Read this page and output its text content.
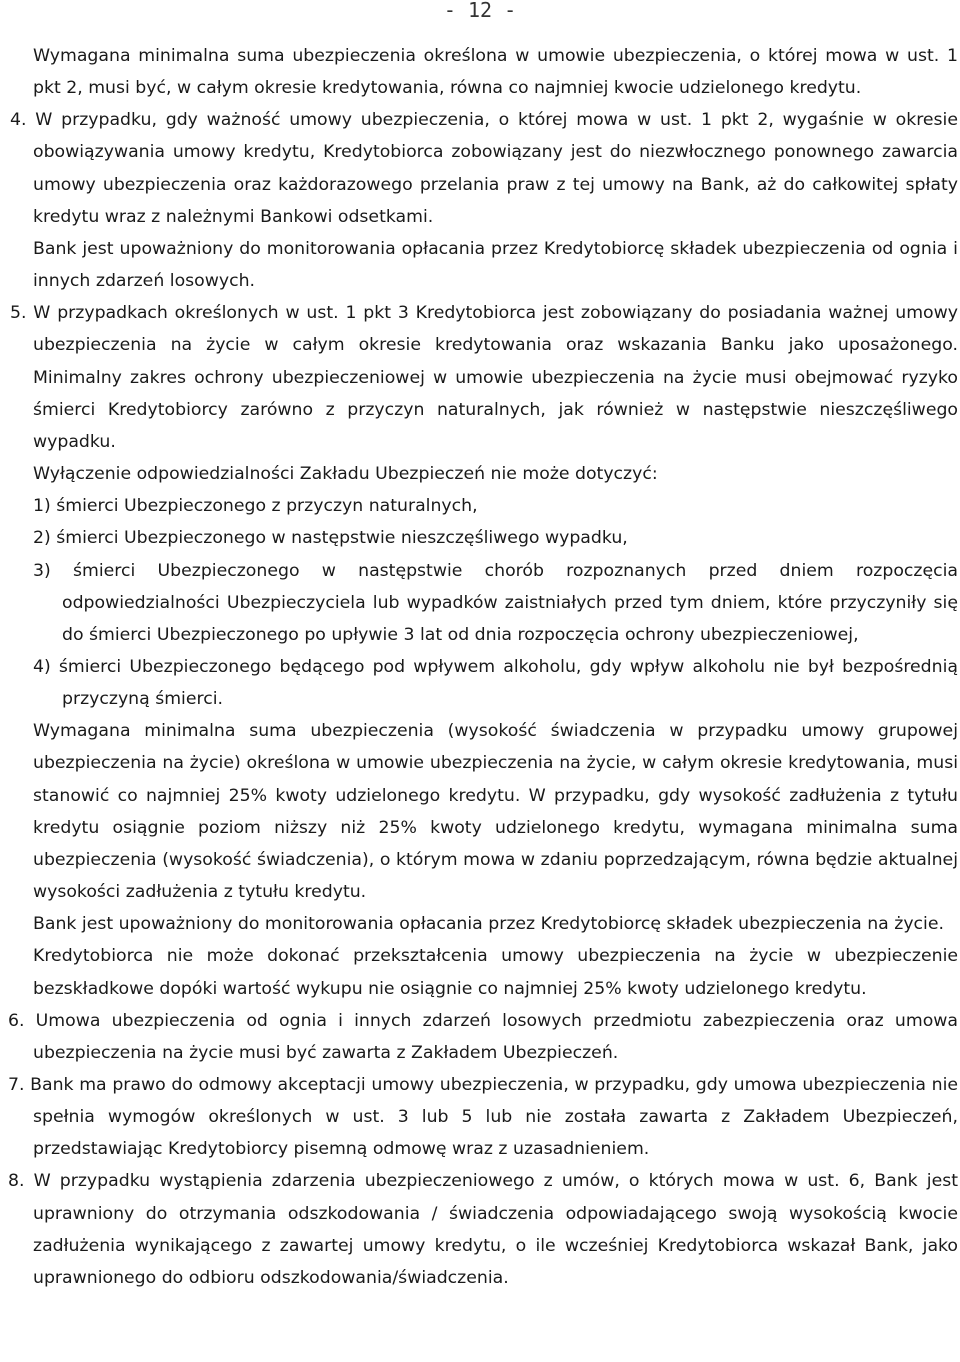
- 12 -

Wymagana minimalna suma ubezpieczenia określona w umowie ubezpieczenia, o której mowa w ust. 1 pkt 2, musi być, w całym okresie kredytowania, równa co najmniej kwocie udzielonego kredytu.

4. W przypadku, gdy ważność umowy ubezpieczenia, o której mowa w ust. 1 pkt 2, wygaśnie w okresie obowiązywania umowy kredytu, Kredytobiorca zobowiązany jest do niezwłocznego ponownego zawarcia umowy ubezpieczenia oraz każdorazowego przelania praw z tej umowy na Bank, aż do całkowitej spłaty kredytu wraz z należnymi Bankowi odsetkami.

Bank jest upoważniony do monitorowania opłacania przez Kredytobiorcę składek ubezpieczenia od ognia i innych zdarzeń losowych.

5. W przypadkach określonych w ust. 1 pkt 3 Kredytobiorca jest zobowiązany do posiadania ważnej umowy ubezpieczenia na życie w całym okresie kredytowania oraz wskazania Banku jako uposażonego. Minimalny zakres ochrony ubezpieczeniowej w umowie ubezpieczenia na życie musi obejmować ryzyko śmierci Kredytobiorcy zarówno z przyczyn naturalnych, jak również w następstwie nieszczęśliwego wypadku.

Wyłączenie odpowiedzialności Zakładu Ubezpieczeń nie może dotyczyć:

1) śmierci Ubezpieczonego z przyczyn naturalnych,

2) śmierci Ubezpieczonego w następstwie nieszczęśliwego wypadku,

3) śmierci Ubezpieczonego w następstwie chorób rozpoznanych przed dniem rozpoczęcia odpowiedzialności Ubezpieczyciela lub wypadków zaistniałych przed tym dniem, które przyczyniły się do śmierci Ubezpieczonego po upływie 3 lat od dnia rozpoczęcia ochrony ubezpieczeniowej,

4) śmierci Ubezpieczonego będącego pod wpływem alkoholu, gdy wpływ alkoholu nie był bezpośrednią przyczyną śmierci.

Wymagana minimalna suma ubezpieczenia (wysokość świadczenia w przypadku umowy grupowej ubezpieczenia na życie) określona w umowie ubezpieczenia na życie, w całym okresie kredytowania, musi stanowić co najmniej 25% kwoty udzielonego kredytu. W przypadku, gdy wysokość zadłużenia z tytułu kredytu osiągnie poziom niższy niż 25% kwoty udzielonego kredytu, wymagana minimalna suma ubezpieczenia (wysokość świadczenia), o którym mowa w zdaniu poprzedzającym, równa będzie aktualnej wysokości zadłużenia z tytułu kredytu.

Bank jest upoważniony do monitorowania opłacania przez Kredytobiorcę składek ubezpieczenia na życie.

Kredytobiorca nie może dokonać przekształcenia umowy ubezpieczenia na życie w ubezpieczenie bezskładkowe dopóki wartość wykupu nie osiągnie co najmniej 25% kwoty udzielonego kredytu.

6. Umowa ubezpieczenia od ognia i innych zdarzeń losowych przedmiotu zabezpieczenia oraz umowa ubezpieczenia na życie musi być zawarta z Zakładem Ubezpieczeń.

7. Bank ma prawo do odmowy akceptacji umowy ubezpieczenia, w przypadku, gdy umowa ubezpieczenia nie spełnia wymogów określonych w ust. 3 lub 5 lub nie została zawarta z Zakładem Ubezpieczeń, przedstawiając Kredytobiorcy pisemną odmowę wraz z uzasadnieniem.

8. W przypadku wystąpienia zdarzenia ubezpieczeniowego z umów, o których mowa w ust. 6, Bank jest uprawniony do otrzymania odszkodowania / świadczenia odpowiadającego swoją wysokością kwocie zadłużenia wynikającego z zawartej umowy kredytu, o ile wcześniej Kredytobiorca wskazał Bank, jako uprawnionego do odbioru odszkodowania/świadczenia.
